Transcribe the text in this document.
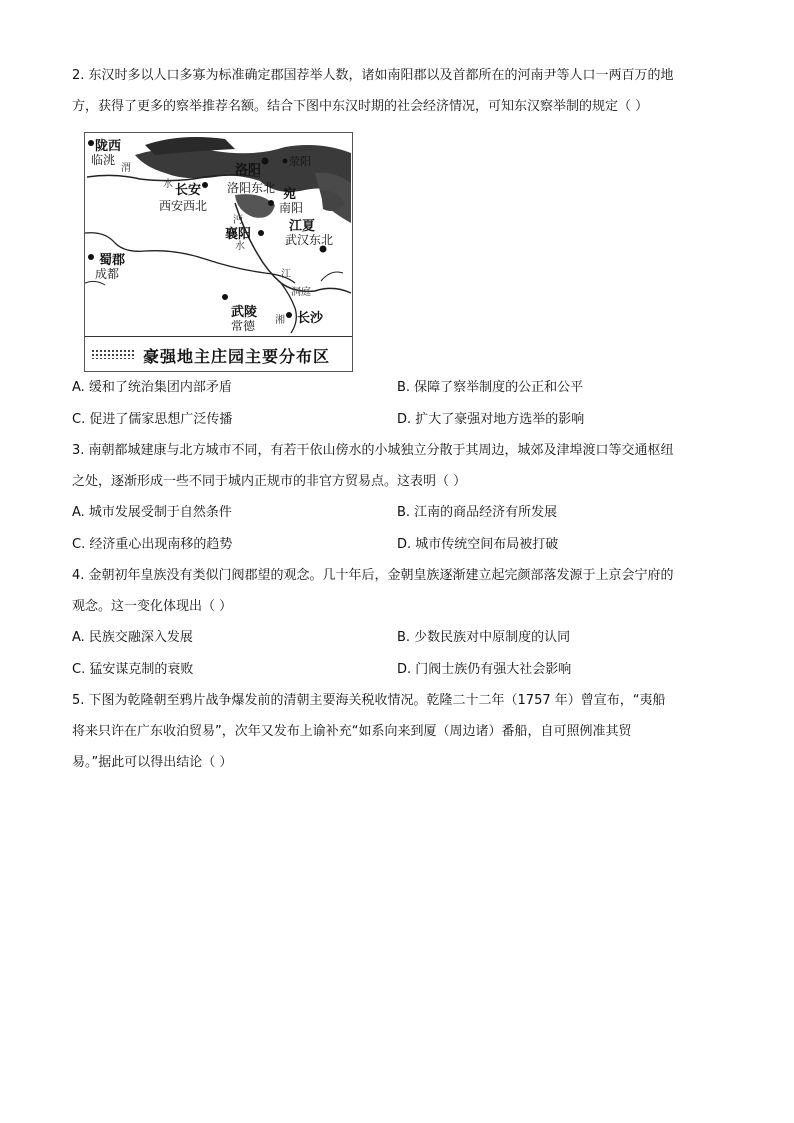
2. 东汉时多以人口多寡为标准确定郡国荐举人数，诸如南阳郡以及首都所在的河南尹等人口一两百万的地
方，获得了更多的察举推荐名额。结合下图中东汉时期的社会经济情况，可知东汉察举制的规定（ ）
陇西
临洮
洛阳
荥阳
长安 洛阳东北
西安西北
宛
南阳
襄阳
江夏
武汉东北
蜀郡
成都
武陵
常德	长沙
渭
水
沔
水
江
洞庭
湘
豪强地主庄园主要分布区
A. 缓和了统治集团内部矛盾	B. 保障了察举制度的公正和公平
C. 促进了儒家思想广泛传播	D. 扩大了豪强对地方选举的影响
3. 南朝都城建康与北方城市不同，有若干依山傍水的小城独立分散于其周边，城郊及津埠渡口等交通枢纽
之处，逐渐形成一些不同于城内正规市的非官方贸易点。这表明（ ）
A. 城市发展受制于自然条件	B. 江南的商品经济有所发展
C. 经济重心出现南移的趋势	D. 城市传统空间布局被打破
4. 金朝初年皇族没有类似门阀郡望的观念。几十年后，金朝皇族逐渐建立起完颜部落发源于上京会宁府的
观念。这一变化体现出（ ）
A. 民族交融深入发展	B. 少数民族对中原制度的认同
C. 猛安谋克制的衰败	D. 门阀士族仍有强大社会影响
5. 下图为乾隆朝至鸦片战争爆发前的清朝主要海关税收情况。乾隆二十二年（1757 年）曾宣布，“夷船
将来只许在广东收泊贸易”，次年又发布上谕补充“如系向来到厦（周边诸）番船，自可照例准其贸
易。”据此可以得出结论（ ）
